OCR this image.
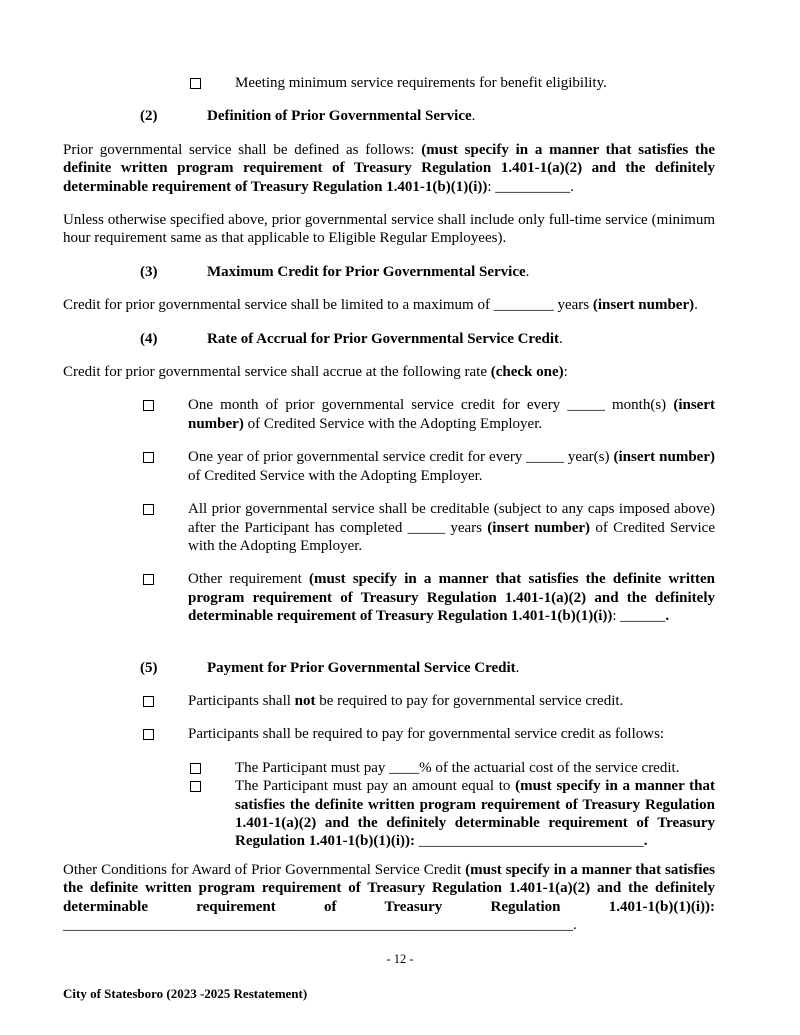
Meeting minimum service requirements for benefit eligibility.
(2)	Definition of Prior Governmental Service.

Prior governmental service shall be defined as follows: (must specify in a manner that satisfies the definite written program requirement of Treasury Regulation 1.401-1(a)(2) and the definitely determinable requirement of Treasury Regulation 1.401-1(b)(1)(i)): __________.

Unless otherwise specified above, prior governmental service shall include only full-time service (minimum hour requirement same as that applicable to Eligible Regular Employees).

(3)	Maximum Credit for Prior Governmental Service.

Credit for prior governmental service shall be limited to a maximum of ________ years (insert number).

(4)	Rate of Accrual for Prior Governmental Service Credit.

Credit for prior governmental service shall accrue at the following rate (check one):

One month of prior governmental service credit for every _____ month(s) (insert number) of Credited Service with the Adopting Employer.
One year of prior governmental service credit for every _____ year(s) (insert number) of Credited Service with the Adopting Employer.
All prior governmental service shall be creditable (subject to any caps imposed above) after the Participant has completed _____ years (insert number) of Credited Service with the Adopting Employer.
Other requirement (must specify in a manner that satisfies the definite written program requirement of Treasury Regulation 1.401-1(a)(2) and the definitely determinable requirement of Treasury Regulation 1.401-1(b)(1)(i)): ______.
(5)	Payment for Prior Governmental Service Credit.
Participants shall not be required to pay for governmental service credit.
Participants shall be required to pay for governmental service credit as follows:
The Participant must pay ____% of the actuarial cost of the service credit.
The Participant must pay an amount equal to (must specify in a manner that satisfies the definite written program requirement of Treasury Regulation 1.401-1(a)(2) and the definitely determinable requirement of Treasury Regulation 1.401-1(b)(1)(i)): ______________________________.

Other Conditions for Award of Prior Governmental Service Credit (must specify in a manner that satisfies the definite written program requirement of Treasury Regulation 1.401-1(a)(2) and the definitely determinable requirement of Treasury Regulation 1.401-1(b)(1)(i)): ____________________________________________________________________.

- 12 -
City of Statesboro (2023 -2025 Restatement)
